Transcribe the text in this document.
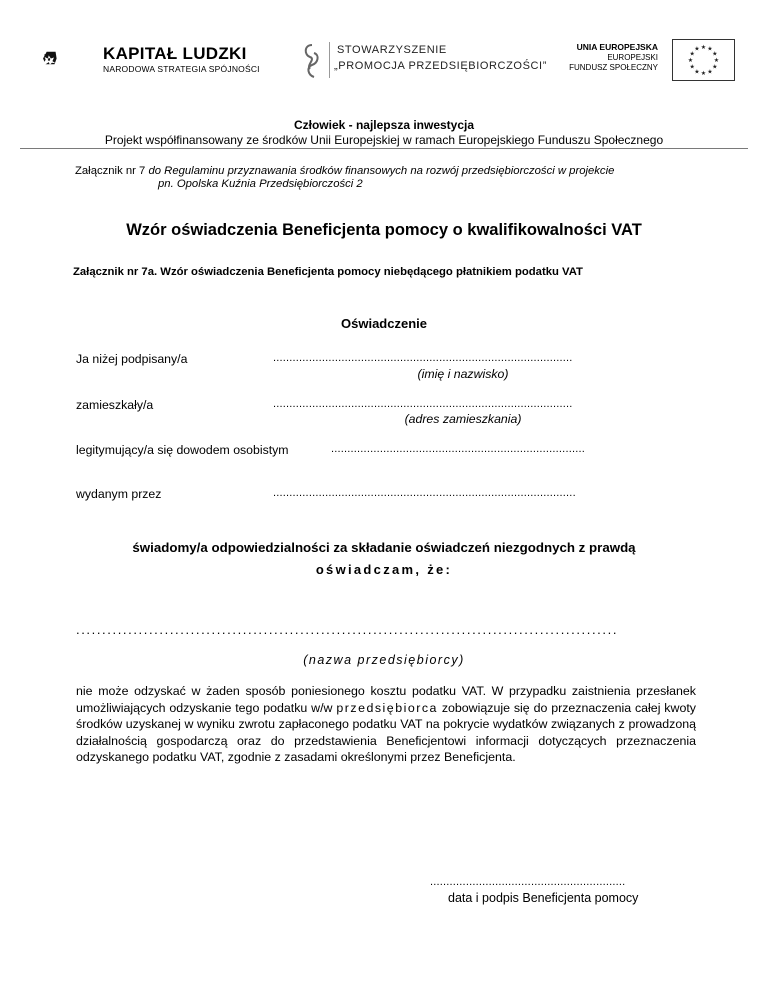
KAPITAŁ LUDZKI
NARODOWA STRATEGIA SPÓJNOŚCI
STOWARZYSZENIE
„PROMOCJA PRZEDSIĘBIORCZOŚCI”
UNIA EUROPEJSKA
EUROPEJSKI
FUNDUSZ SPOŁECZNY
★ ★
★
★
★
★
★
★
★
★
★
★
Człowiek - najlepsza inwestycja
Projekt współfinansowany ze środków Unii Europejskiej w ramach Europejskiego Funduszu Społecznego
Załącznik nr 7 do Regulaminu przyznawania środków finansowych na rozwój przedsiębiorczości w projekcie
pn. Opolska Kuźnia Przedsiębiorczości 2
Wzór oświadczenia Beneficjenta pomocy o kwalifikowalności VAT
Załącznik nr 7a. Wzór oświadczenia Beneficjenta pomocy niebędącego płatnikiem podatku VAT
Oświadczenie
Ja niżej podpisany/a	............................................................................................
(imię i nazwisko)
zamieszkały/a	............................................................................................
(adres zamieszkania)
legitymujący/a się dowodem osobistym	..............................................................................
wydanym przez	.............................................................................................
świadomy/a odpowiedzialności za składanie oświadczeń niezgodnych z prawdą
oświadczam, że:
........................................................................................................
(nazwa przedsiębiorcy)
nie może odzyskać w żaden sposób poniesionego kosztu podatku VAT. W przypadku zaistnienia przesłanek umożliwiających odzyskanie tego podatku w/w przedsiębiorca zobowiązuje się do przeznaczenia całej kwoty środków uzyskanej w wyniku zwrotu zapłaconego podatku VAT na pokrycie wydatków związanych z prowadzoną działalnością gospodarczą oraz do przedstawienia Beneficjentowi informacji dotyczących przeznaczenia odzyskanego podatku VAT, zgodnie z zasadami określonymi przez Beneficjenta.
............................................................
data i podpis Beneficjenta pomocy
